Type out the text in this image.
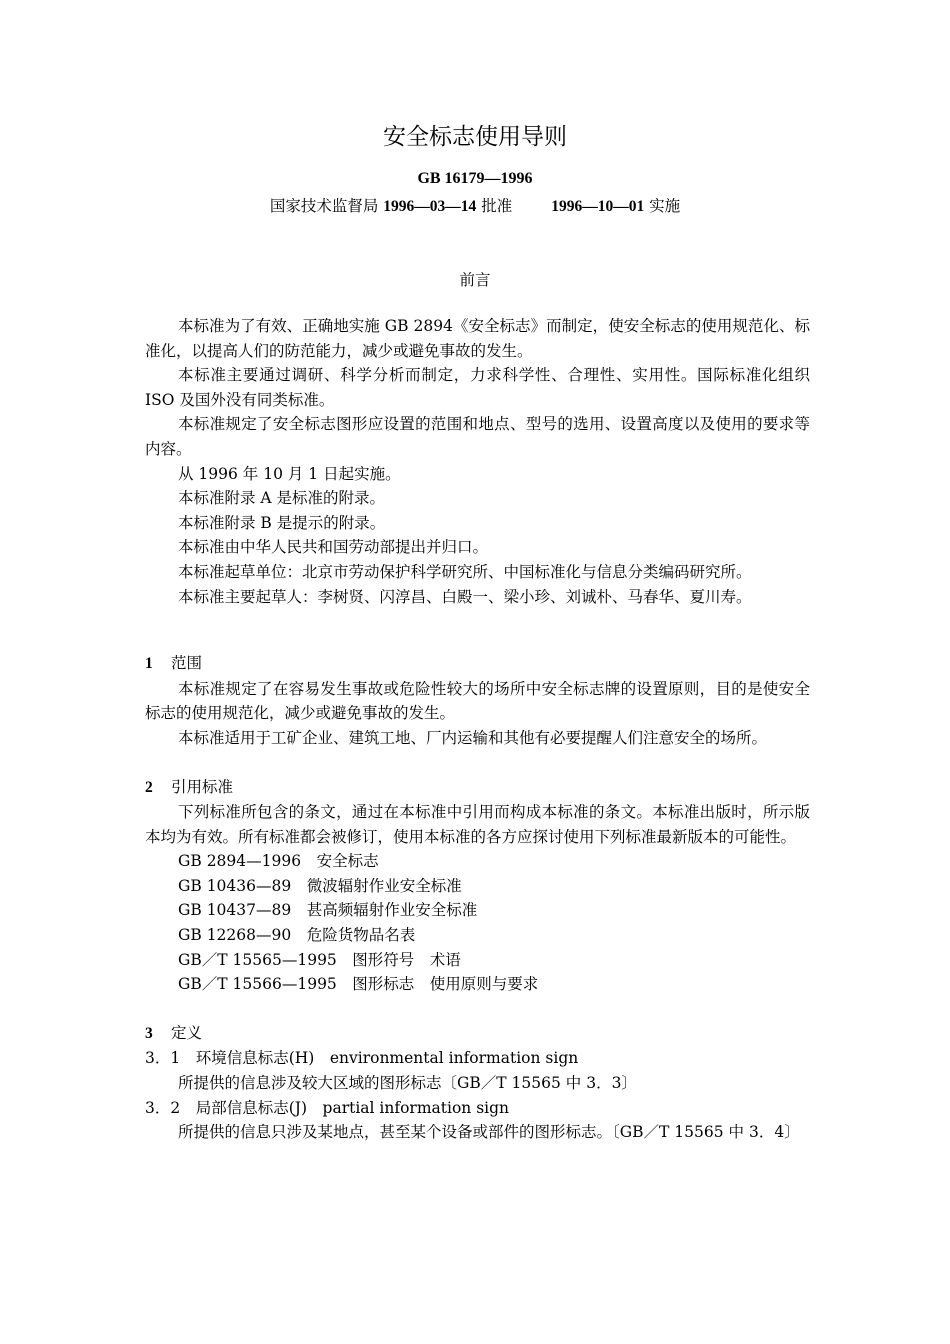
安全标志使用导则
GB 16179—1996
国家技术监督局 1996—03—14 批准	1996—10—01 实施
前言
本标准为了有效、正确地实施 GB 2894《安全标志》而制定，使安全标志的使用规范化、标准化，以提高人们的防范能力，减少或避免事故的发生。
本标准主要通过调研、科学分析而制定，力求科学性、合理性、实用性。国际标准化组织 ISO 及国外没有同类标准。
本标准规定了安全标志图形应设置的范围和地点、型号的选用、设置高度以及使用的要求等内容。
从 1996 年 10 月 1 日起实施。
本标准附录 A 是标准的附录。
本标准附录 B 是提示的附录。
本标准由中华人民共和国劳动部提出并归口。
本标准起草单位：北京市劳动保护科学研究所、中国标准化与信息分类编码研究所。
本标准主要起草人：李树贤、闪淳昌、白殿一、梁小珍、刘诚朴、马春华、夏川寿。
1 范围
本标准规定了在容易发生事故或危险性较大的场所中安全标志牌的设置原则，目的是使安全标志的使用规范化，减少或避免事故的发生。
本标准适用于工矿企业、建筑工地、厂内运输和其他有必要提醒人们注意安全的场所。
2 引用标准
下列标准所包含的条文，通过在本标准中引用而构成本标准的条文。本标准出版时，所示版本均为有效。所有标准都会被修订，使用本标准的各方应探讨使用下列标准最新版本的可能性。
GB 2894—1996　安全标志
GB 10436—89　微波辐射作业安全标准
GB 10437—89　甚高频辐射作业安全标准
GB 12268—90　危险货物品名表
GB／T 15565—1995　图形符号　术语
GB／T 15566—1995　图形标志　使用原则与要求
3 定义
3．1　环境信息标志(H)　environmental information sign
所提供的信息涉及较大区域的图形标志〔GB／T 15565 中 3．3〕
3．2　局部信息标志(J)　partial information sign
所提供的信息只涉及某地点，甚至某个设备或部件的图形标志。〔GB／T 15565 中 3．4〕
